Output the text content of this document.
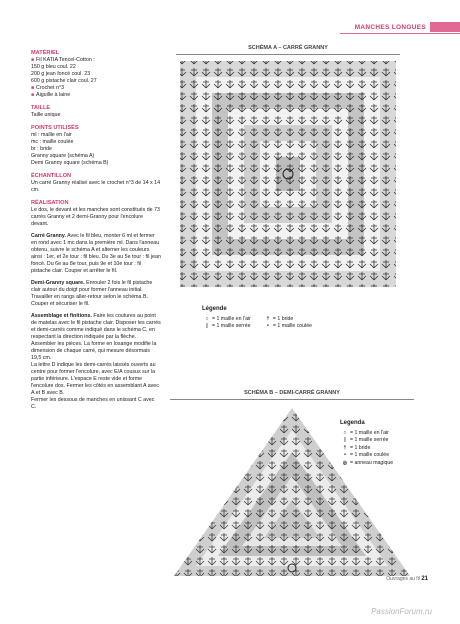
MANCHES LONGUES
MATÉRIEL

■ Fil KATIA Tencel-Cotton :

150 g bleu coul. 22

200 g jean foncé coul. 23

600 g pistache clair coul. 27

■ Crochet n°3

■ Aiguille à laine

TAILLE

Taille unique

POINTS UTILISÉS

ml : maille en l'air

mc : maille coulée

br : bride

Granny square (schéma A)

Demi Granny square (schéma B)

ÉCHANTILLON

Un carré Granny réalisé avec le crochet n°3 de 14 x 14 cm.

RÉALISATION

Le dos, le devant et les manches sont constitués de 73 carrés Granny et 2 demi-Granny pour l'encolure devant.

Carré Granny. Avec le fil bleu, monter 6 ml et fermer en rond avec 1 mc dans la première ml. Dans l'anneau obtenu, suivre le schéma A et alterner les couleurs ainsi : 1er, et 2e tour : fil bleu. Du 3e au 5e tour : fil jean foncé. Du 6e au 8e tour, puis 9e et 10e tour : fil pistache clair. Couper et arrêter le fil.

Demi-Granny square. Enrouler 2 fois le fil pistache clair autour du doigt pour former l'anneau initial. Travailler en rangs aller-retour selon le schéma B. Couper et sécuriser le fil.

Assemblage et finitions. Faire les coutures au point de matelas avec le fil pistache clair. Disposer les carrés et demi-carrés comme indiqué dans le schéma C, en respectant la direction indiquée par la flèche.

Assembler les pièces. La forme en losange modifie la dimension de chaque carré, qui mesure désormais 19,5 cm.

La lettre D indique les demi-carrés laissés ouverts au centre pour former l'encolure, avec E/A cousus sur la partie inférieure. L'espace E reste vide et forme l'encolure dos. Fermer les côtés en assemblant A avec A et B avec B.

Fermer les dessous de manches en unissant C avec C.

SCHÉMA A – CARRÉ GRANNY
Légende
○ = 1 maille en l'air
| = 1 maille serrée
† = 1 bride
• = 1 maille coulée
SCHÉMA B – DEMI-CARRÉ GRANNY
Legenda
○ = 1 maille en l'air
| = 1 maille serrée
† = 1 bride
• = 1 maille coulée
◎ = anneau magique
Ouvrages au fil 21
PassionForum.ru
